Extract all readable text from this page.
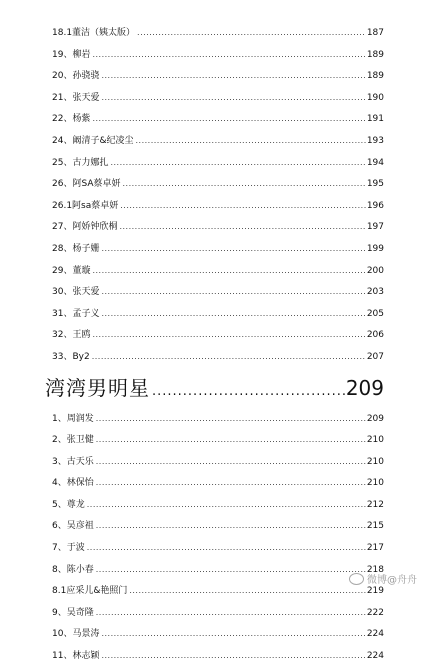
18.1董洁（姨太版） .....	187
19、柳岩 .....	189
20、孙骁骁 .....	189
21、张天爱 .....	190
22、杨紫 .....	191
24、阚清子&纪凌尘 .....	193
25、古力娜扎 .....	194
26、阿SA蔡卓妍 .....	195
26.1阿sa蔡卓妍 .....	196
27、阿娇钟欣桐 .....	197
28、杨子姗 .....	199
29、董璇 .....	200
30、张天爱 .....	203
31、孟子义 .....	205
32、王鸥 .....	206
33、By2 .....	207
湾湾男明星 .....	209
1、周润发 .....	209
2、张卫健 .....	210
3、古天乐 .....	210
4、林保怡 .....	210
5、尊龙 .....	212
6、吴彦祖 .....	215
7、于波 .....	217
8、陈小春 .....	218
8.1应采儿&艳照门 .....	219
9、吴奇隆 .....	222
10、马景涛 .....	224
11、林志颖 .....	224
微博@舟舟
